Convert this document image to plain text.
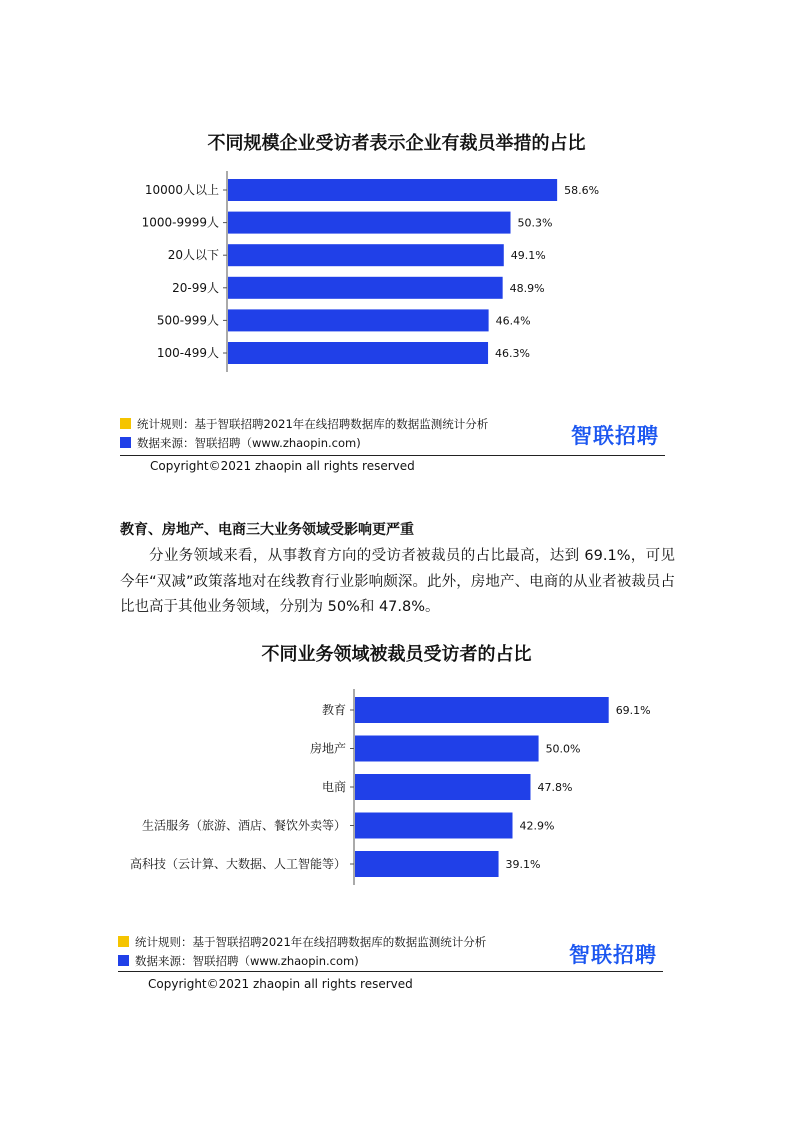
不同规模企业受访者表示企业有裁员举措的占比
10000人以上	58.6%
1000-9999人	50.3%
20人以下	49.1%
20-99人	48.9%
500-999人	46.4%
100-499人	46.3%
统计规则：基于智联招聘2021年在线招聘数据库的数据监测统计分析
数据来源：智联招聘（www.zhaopin.com)	智联招聘
Copyright©2021 zhaopin all rights reserved
教育、房地产、电商三大业务领域受影响更严重

分业务领域来看，从事教育方向的受访者被裁员的占比最高，达到 69.1%，可见今年“双减”政策落地对在线教育行业影响颇深。此外，房地产、电商的从业者被裁员占比也高于其他业务领域，分别为 50%和 47.8%。

不同业务领域被裁员受访者的占比
教育	69.1%
房地产	50.0%
电商	47.8%
生活服务（旅游、酒店、餐饮外卖等）	42.9%
高科技（云计算、大数据、人工智能等）	39.1%
统计规则：基于智联招聘2021年在线招聘数据库的数据监测统计分析
数据来源：智联招聘（www.zhaopin.com)	智联招聘
Copyright©2021 zhaopin all rights reserved
